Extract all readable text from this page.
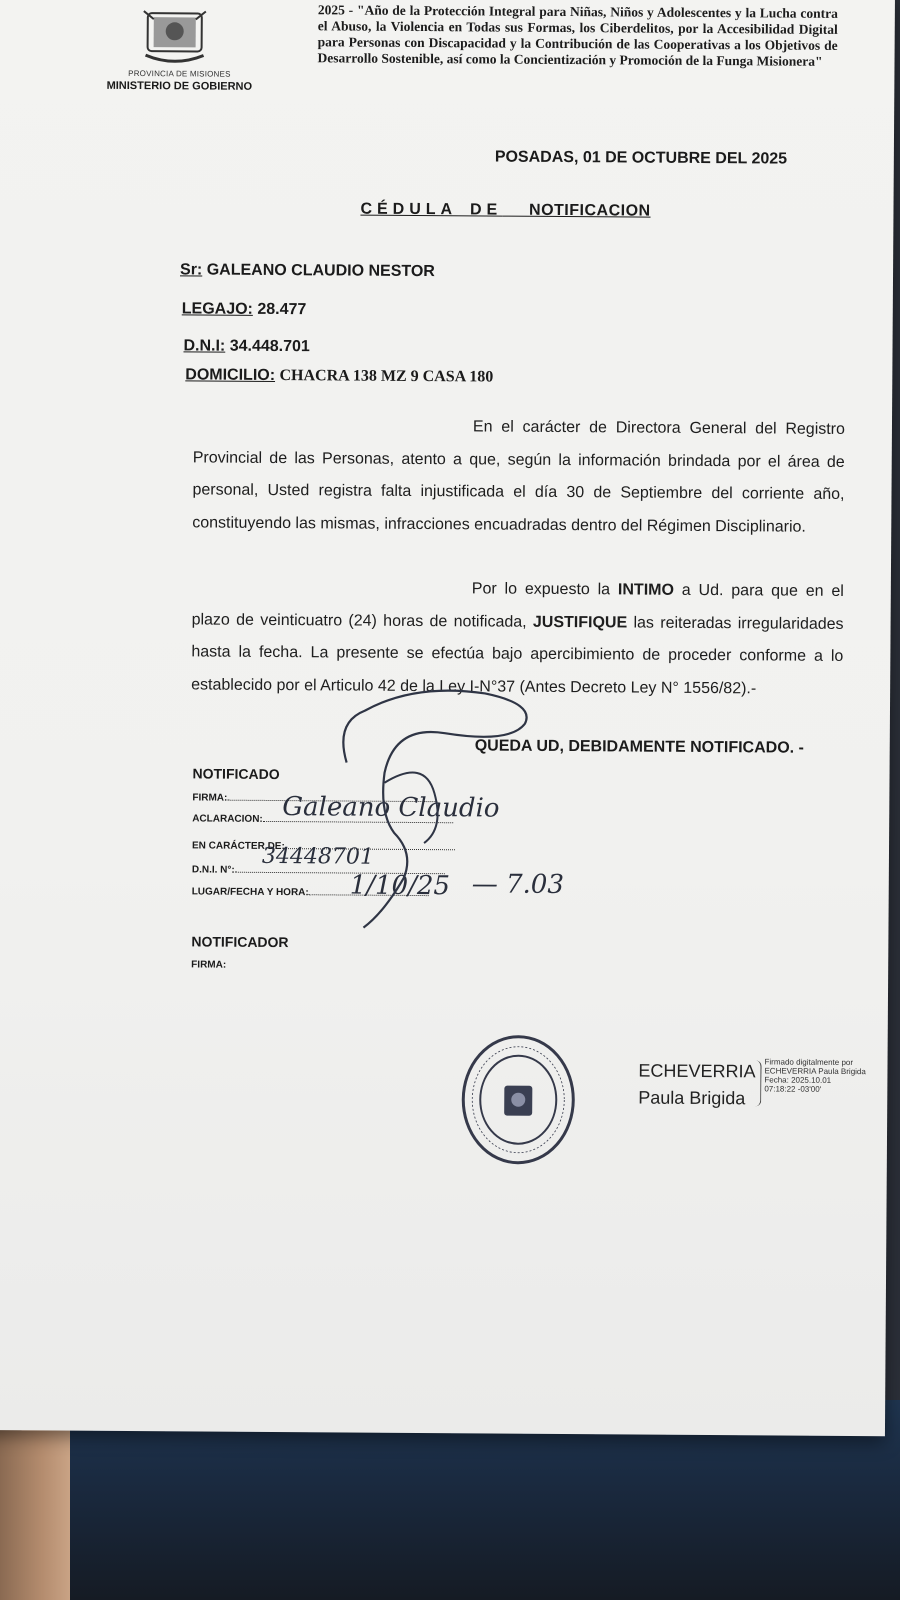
PROVINCIA DE MISIONES
MINISTERIO DE GOBIERNO
2025 - "Año de la Protección Integral para Niñas, Niños y Adolescentes y la Lucha contra el Abuso, la Violencia en Todas sus Formas, los Ciberdelitos, por la Accesibilidad Digital para Personas con Discapacidad y la Contribución de las Cooperativas a los Objetivos de Desarrollo Sostenible, así como la Concientización y Promoción de la Funga Misionera"
POSADAS, 01 DE OCTUBRE DEL 2025
CÉDULA DE NOTIFICACION
Sr: GALEANO CLAUDIO NESTOR
LEGAJO: 28.477
D.N.I: 34.448.701
DOMICILIO: CHACRA 138 MZ 9 CASA 180
En el carácter de Directora General del Registro Provincial de las Personas, atento a que, según la información brindada por el área de personal, Usted registra falta injustificada el día 30 de Septiembre del corriente año, constituyendo las mismas, infracciones encuadradas dentro del Régimen Disciplinario.
Por lo expuesto la INTIMO a Ud. para que en el plazo de veinticuatro (24) horas de notificada, JUSTIFIQUE las reiteradas irregularidades hasta la fecha. La presente se efectúa bajo apercibimiento de proceder conforme a lo establecido por el Articulo 42 de la Ley I-N°37 (Antes Decreto Ley N° 1556/82).-
QUEDA UD, DEBIDAMENTE NOTIFICADO. -
NOTIFICADO
FIRMA:
ACLARACION:
EN CARÁCTER DE:
D.N.I. N°:
LUGAR/FECHA Y HORA:
Galeano Claudio
34448701
1/10/25 — 7.03
NOTIFICADOR
FIRMA:
ECHEVERRIA
Paula Brigida
Firmado digitalmente por
ECHEVERRIA Paula Brigida
Fecha: 2025.10.01
07:18:22 -03'00'
